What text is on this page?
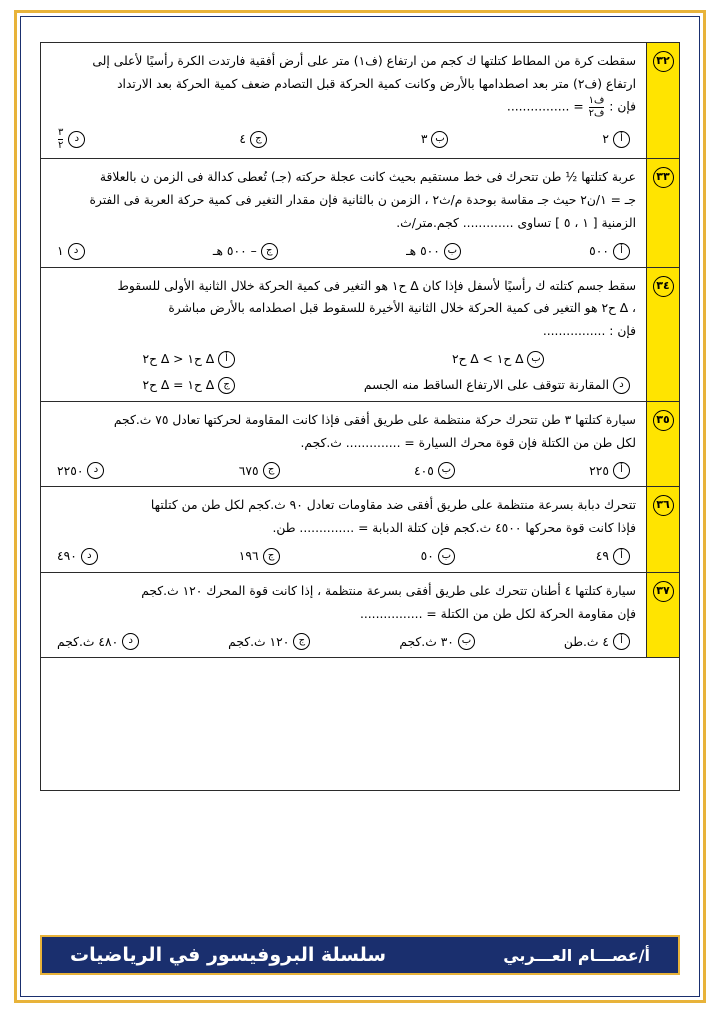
٣٢
سقطت كرة من المطاط كتلتها ك كجم من ارتفاع (ف١) متر على أرض أفقية فارتدت الكرة رأسيًا لأعلى إلى
ارتفاع (ف٢) متر بعد اصطدامها بالأرض وكانت كمية الحركة قبل التصادم ضعف كمية الحركة بعد الارتداد
فإن :
$\frac{\text{ف١}}{\text{ف٢}}$
= ................
أ
٢
ب
٣
ج
٤
د
$\frac{٣}{٢}$
٣٣
عربة كتلتها ½ طن تتحرك فى خط مستقيم بحيث كانت عجلة حركته (جـ) تُعطى كدالة فى الزمن ن بالعلاقة
جـ = ١/ن٢ حيث جـ مقاسة بوحدة م/ث٢ ، الزمن ن بالثانية فإن مقدار التغير فى كمية حركة العربة فى الفترة
الزمنية [ ١ ، ٥ ] تساوى ............. كجم.متر/ث.
أ
٥٠٠
ب
٥٠٠ هـ
ج
– ٥٠٠ هـ
د
١
٣٤
سقط جسم كتلته ك رأسيًا لأسفل فإذا كان ∆ ح١ هو التغير فى كمية الحركة خلال الثانية الأولى للسقوط
، ∆ ح٢ هو التغير فى كمية الحركة خلال الثانية الأخيرة للسقوط قبل اصطدامه بالأرض مباشرة
فإن : ................
ب
∆ ح١ > ∆ ح٢
أ
∆ ح١ < ∆ ح٢
د
المقارنة تتوقف على الارتفاع الساقط منه الجسم
ج
∆ ح١ = ∆ ح٢
٣٥
سيارة كتلتها ٣ طن تتحرك حركة منتظمة على طريق أفقى فإذا كانت المقاومة لحركتها تعادل ٧٥ ث.كجم
لكل طن من الكتلة فإن قوة محرك السيارة = .............. ث.كجم.
أ
٢٢٥
ب
٤٠٥
ج
٦٧٥
د
٢٢٥٠
٣٦
تتحرك دبابة بسرعة منتظمة على طريق أفقى ضد مقاومات تعادل ٩٠ ث.كجم لكل طن من كتلتها
فإذا كانت قوة محركها ٤٥٠٠ ث.كجم فإن كتلة الدبابة = .............. طن.
أ
٤٩
ب
٥٠
ج
١٩٦
د
٤٩٠
٣٧
سيارة كتلتها ٤ أطنان تتحرك على طريق أفقى بسرعة منتظمة ، إذا كانت قوة المحرك ١٢٠ ث.كجم
فإن مقاومة الحركة لكل طن من الكتلة = ................
أ
٤ ث.طن
ب
٣٠ ث.كجم
ج
١٢٠ ث.كجم
د
٤٨٠ ث.كجم
سلسلة البروفيسور في الرياضيات	أ/عصـــام العـــربي
